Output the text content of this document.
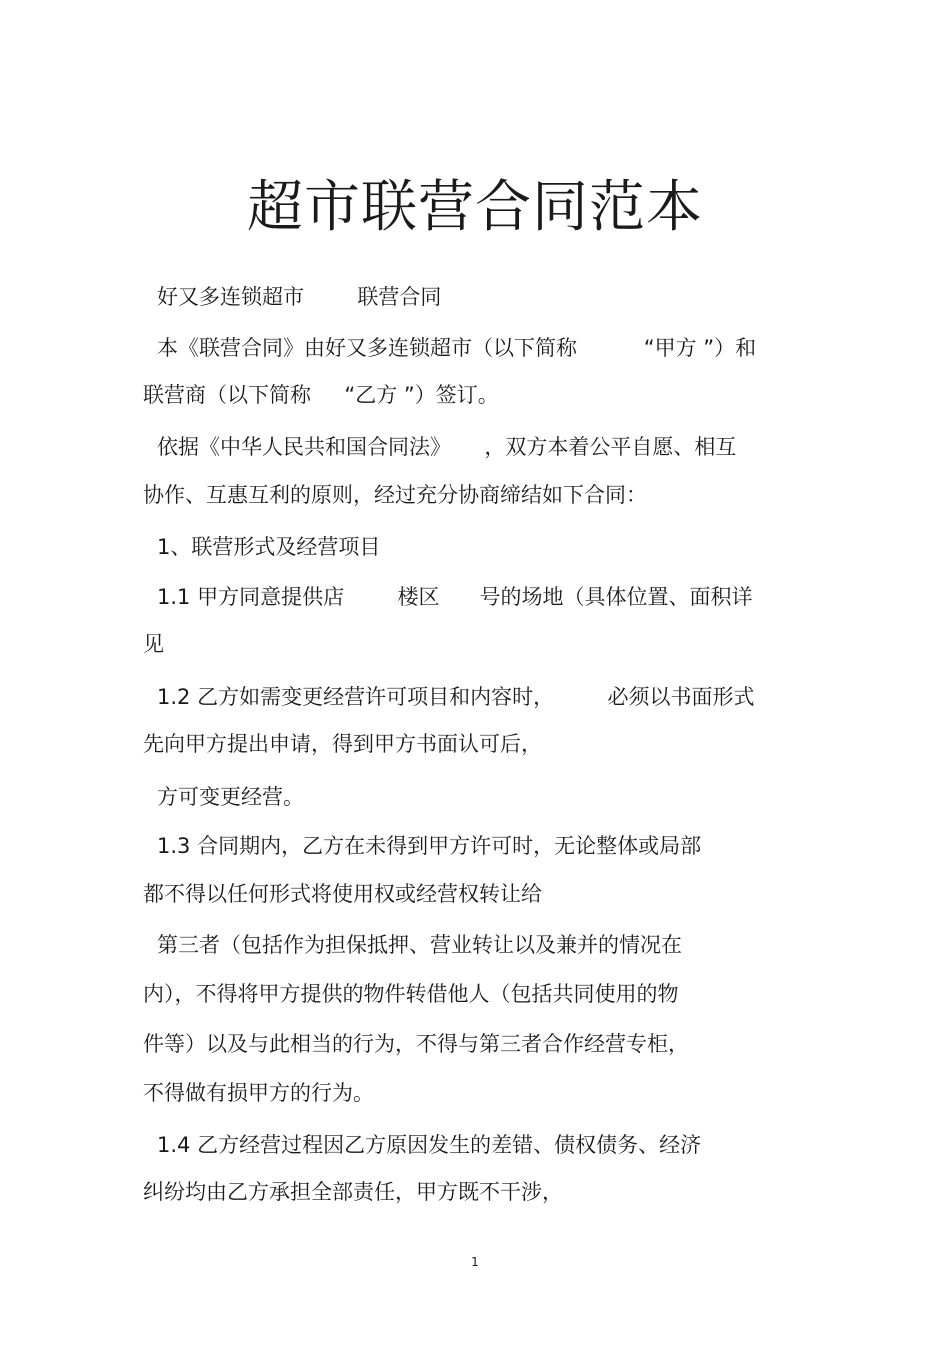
超市联营合同范本
好又多连锁超市        联营合同
本《联营合同》由好又多连锁超市（以下简称          “甲方 ”）和
联营商（以下简称     “乙方 ”）签订。
依据《中华人民共和国合同法》     ，双方本着公平自愿、相互
协作、互惠互利的原则，经过充分协商缔结如下合同：
1、联营形式及经营项目
1.1 甲方同意提供店        楼区      号的场地（具体位置、面积详
见
1.2 乙方如需变更经营许可项目和内容时，        必须以书面形式
先向甲方提出申请，得到甲方书面认可后，
方可变更经营。
1.3 合同期内，乙方在未得到甲方许可时，无论整体或局部
都不得以任何形式将使用权或经营权转让给
第三者（包括作为担保抵押、营业转让以及兼并的情况在
内），不得将甲方提供的物件转借他人（包括共同使用的物
件等）以及与此相当的行为，不得与第三者合作经营专柜，
不得做有损甲方的行为。
1.4 乙方经营过程因乙方原因发生的差错、债权债务、经济
纠纷均由乙方承担全部责任，甲方既不干涉，
1
